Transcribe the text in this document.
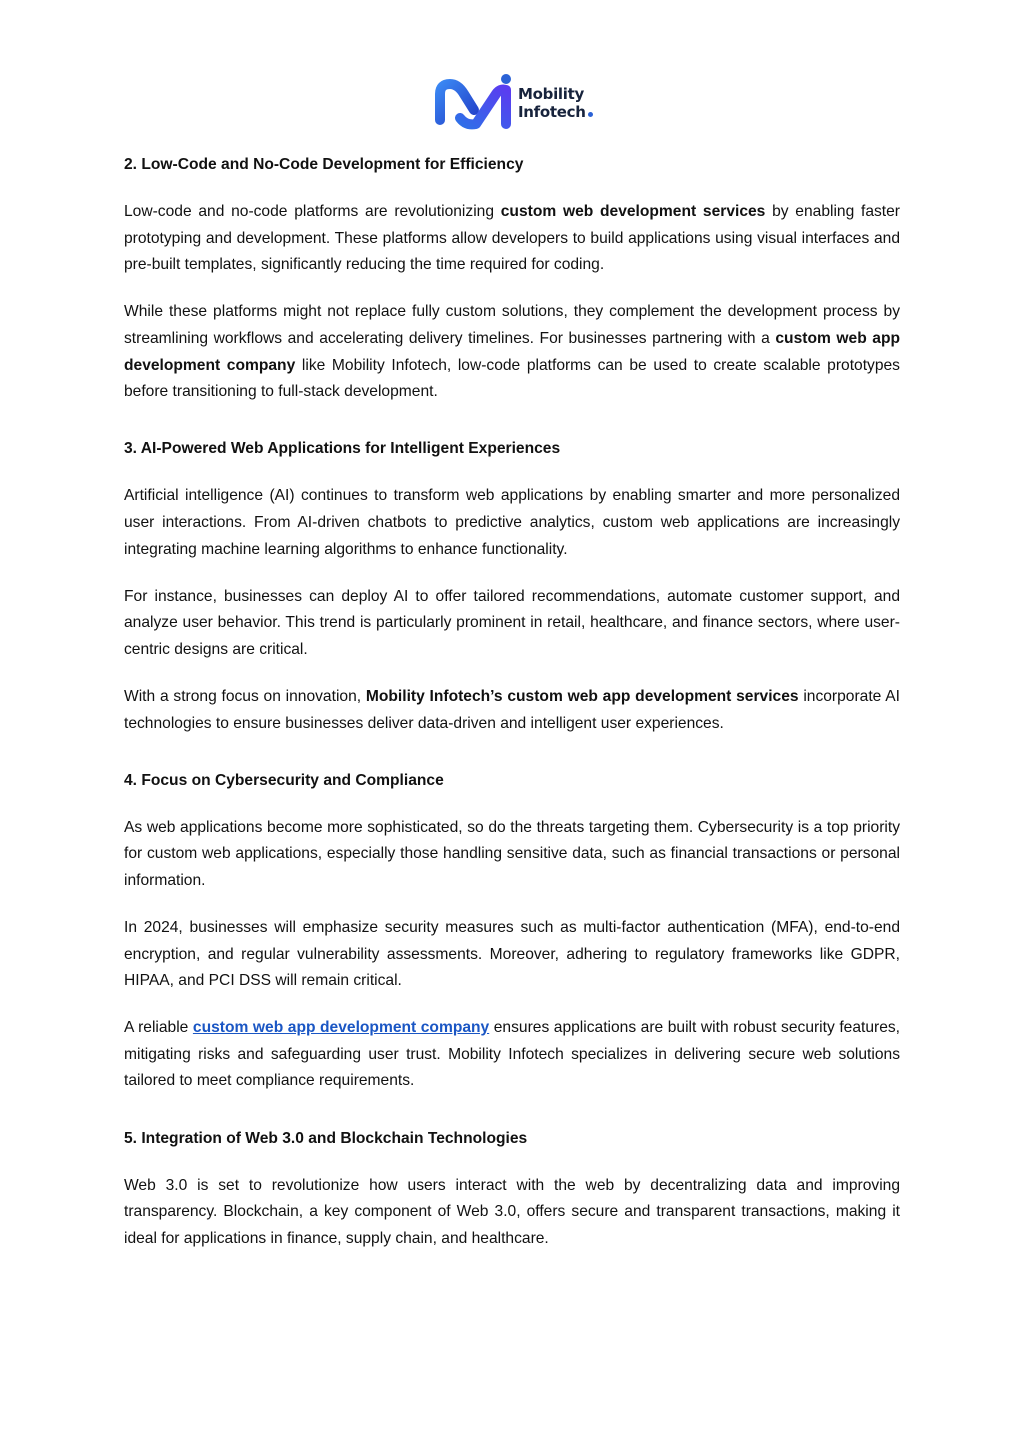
Mobility
Infotech
2. Low-Code and No-Code Development for Efficiency

Low-code and no-code platforms are revolutionizing custom web development services by enabling faster prototyping and development. These platforms allow developers to build applications using visual interfaces and pre-built templates, significantly reducing the time required for coding.

While these platforms might not replace fully custom solutions, they complement the development process by streamlining workflows and accelerating delivery timelines. For businesses partnering with a custom web app development company like Mobility Infotech, low-code platforms can be used to create scalable prototypes before transitioning to full-stack development.

3. AI-Powered Web Applications for Intelligent Experiences

Artificial intelligence (AI) continues to transform web applications by enabling smarter and more personalized user interactions. From AI-driven chatbots to predictive analytics, custom web applications are increasingly integrating machine learning algorithms to enhance functionality.

For instance, businesses can deploy AI to offer tailored recommendations, automate customer support, and analyze user behavior. This trend is particularly prominent in retail, healthcare, and finance sectors, where user-centric designs are critical.

With a strong focus on innovation, Mobility Infotech’s custom web app development services incorporate AI technologies to ensure businesses deliver data-driven and intelligent user experiences.

4. Focus on Cybersecurity and Compliance

As web applications become more sophisticated, so do the threats targeting them. Cybersecurity is a top priority for custom web applications, especially those handling sensitive data, such as financial transactions or personal information.

In 2024, businesses will emphasize security measures such as multi-factor authentication (MFA), end-to-end encryption, and regular vulnerability assessments. Moreover, adhering to regulatory frameworks like GDPR, HIPAA, and PCI DSS will remain critical.

A reliable custom web app development company ensures applications are built with robust security features, mitigating risks and safeguarding user trust. Mobility Infotech specializes in delivering secure web solutions tailored to meet compliance requirements.

5. Integration of Web 3.0 and Blockchain Technologies

Web 3.0 is set to revolutionize how users interact with the web by decentralizing data and improving transparency. Blockchain, a key component of Web 3.0, offers secure and transparent transactions, making it ideal for applications in finance, supply chain, and healthcare.
